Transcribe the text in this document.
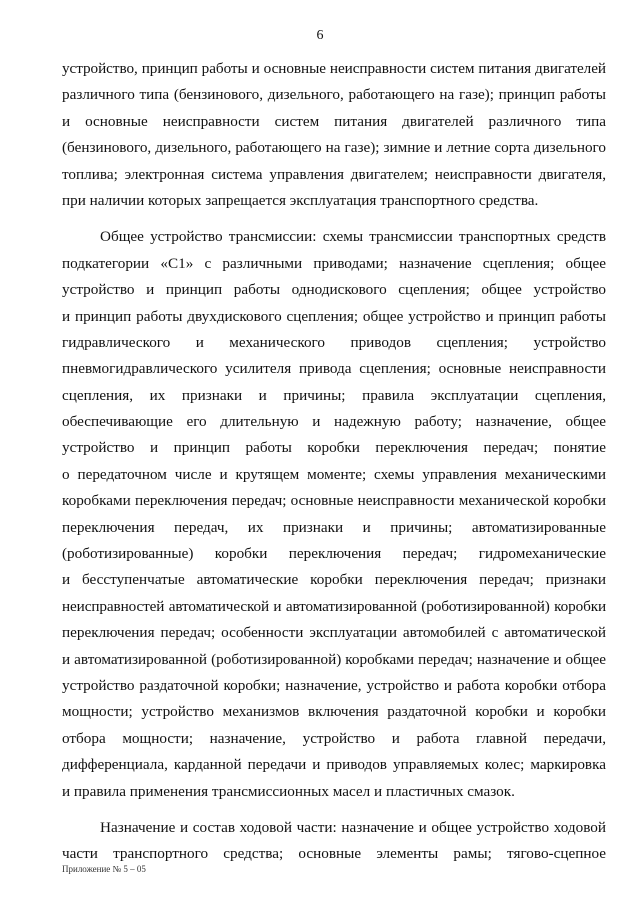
6
устройство, принцип работы и основные неисправности систем питания двигателей
различного типа (бензинового, дизельного, работающего на газе); принцип работы
и основные неисправности систем питания двигателей различного типа
(бензинового, дизельного, работающего на газе); зимние и летние сорта дизельного
топлива; электронная система управления двигателем; неисправности двигателя,
при наличии которых запрещается эксплуатация транспортного средства.
Общее устройство трансмиссии: схемы трансмиссии транспортных средств
подкатегории «C1» с различными приводами; назначение сцепления; общее
устройство и принцип работы однодискового сцепления; общее устройство
и принцип работы двухдискового сцепления; общее устройство и принцип работы
гидравлического и механического приводов сцепления; устройство
пневмогидравлического усилителя привода сцепления; основные неисправности
сцепления, их признаки и причины; правила эксплуатации сцепления,
обеспечивающие его длительную и надежную работу; назначение, общее
устройство и принцип работы коробки переключения передач; понятие
о передаточном числе и крутящем моменте; схемы управления механическими
коробками переключения передач; основные неисправности механической коробки
переключения передач, их признаки и причины; автоматизированные
(роботизированные) коробки переключения передач; гидромеханические
и бесступенчатые автоматические коробки переключения передач; признаки
неисправностей автоматической и автоматизированной (роботизированной) коробки
переключения передач; особенности эксплуатации автомобилей с автоматической
и автоматизированной (роботизированной) коробками передач; назначение и общее
устройство раздаточной коробки; назначение, устройство и работа коробки отбора
мощности; устройство механизмов включения раздаточной коробки и коробки
отбора мощности; назначение, устройство и работа главной передачи,
дифференциала, карданной передачи и приводов управляемых колес; маркировка
и правила применения трансмиссионных масел и пластичных смазок.
Назначение и состав ходовой части: назначение и общее устройство ходовой
части транспортного средства; основные элементы рамы; тягово-сцепное
Приложение № 5 – 05
